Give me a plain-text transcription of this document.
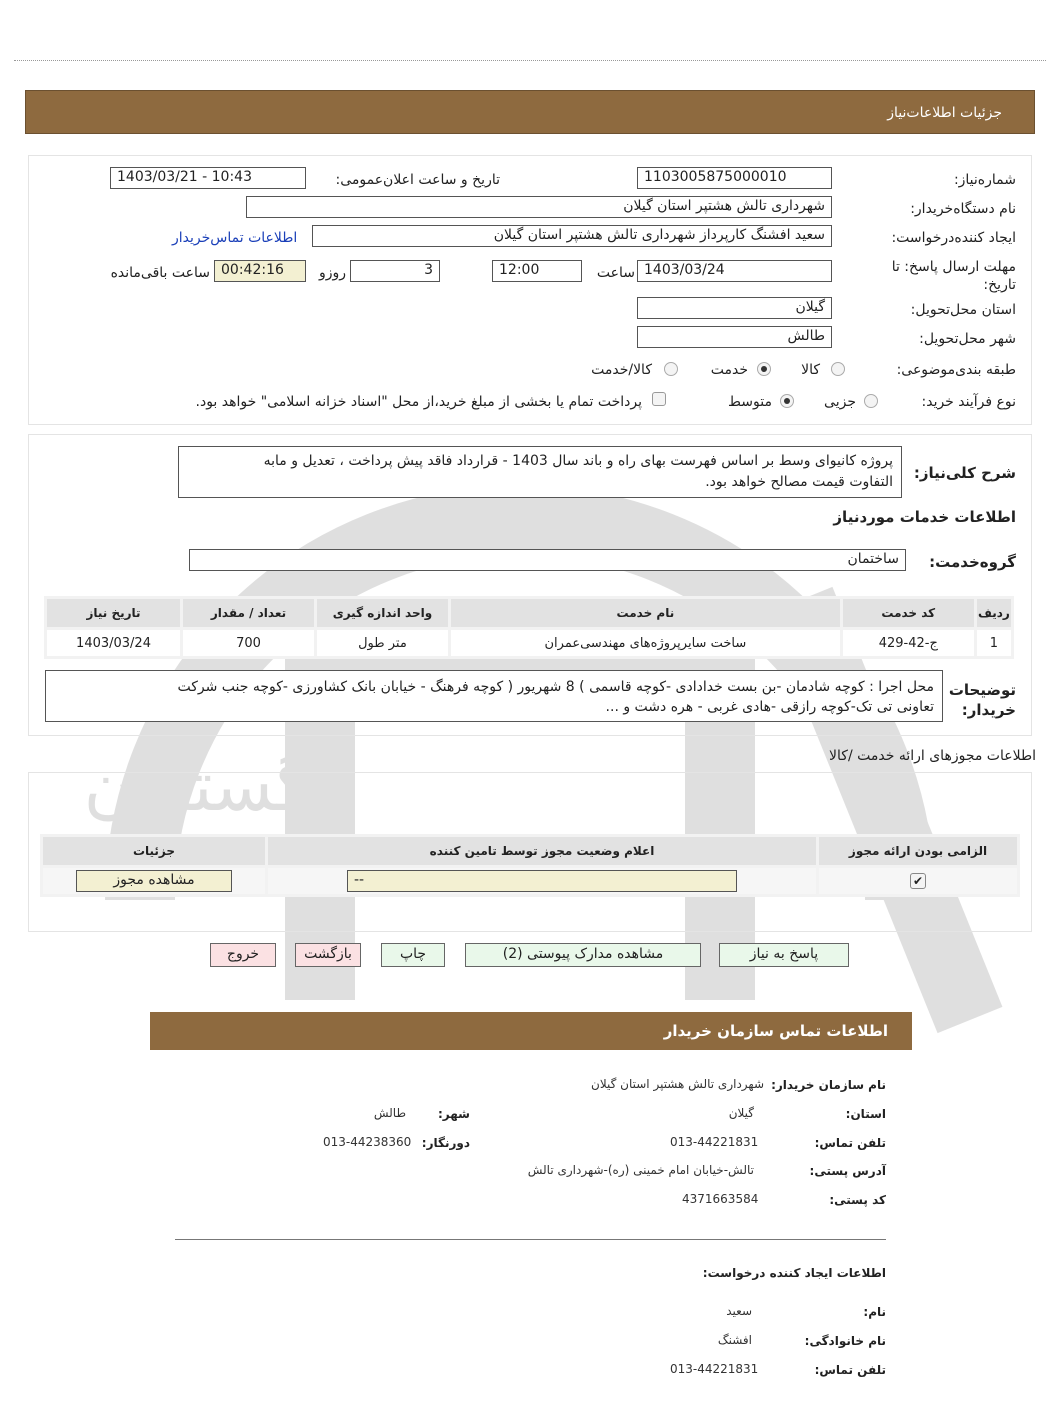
گستران
جزئیات اطلاعات‌نیاز
شماره‌نیاز:
1103005875000010
تاریخ و ساعت اعلان‌عمومی:
1403/03/21 - 10:43
نام دستگاه‌خریدار:
شهرداری تالش هشتپر استان گیلان
ایجاد کننده‌درخواست:
سعید افشنگ کارپرداز شهرداری تالش هشتپر استان گیلان
اطلاعات تماس‌خریدار
مهلت ارسال پاسخ: تا تاریخ:
1403/03/24
ساعت
12:00
3
روزو
00:42:16
ساعت باقی‌مانده
استان محل‌تحویل:
گیلان
شهر محل‌تحویل:
طالش
طبقه بندی‌موضوعی:
کالا
خدمت
کالا/خدمت
نوع فرآیند خرید:
جزیی
متوسط
پرداخت تمام یا بخشی از مبلغ خرید،از محل "اسناد خزانه اسلامی" خواهد بود.
شرح کلی‌نیاز:
پروژه کانیوای وسط بر اساس فهرست بهای راه و باند سال 1403 - قرارداد فاقد پیش پرداخت ، تعدیل و مابه
التفاوت قیمت مصالح خواهد بود.
اطلاعات خدمات موردنیاز
گروه‌خدمت:
ساختمان
ردیف	کد خدمت	نام خدمت	واحد اندازه گیری	تعداد / مقدار	تاریخ نیاز
1	ج-42-429	ساخت سایرپروژه‌های مهندسی‌عمران	متر طول	700	1403/03/24
توضیحات خریدار:
محل اجرا : کوچه شادمان -بن بست خدادادی -کوچه قاسمی ) 8 شهریور ( کوچه فرهنگ - خیابان بانک کشاورزی -کوچه جنب شرکت
تعاونی تی تک-کوچه رازقی -هادی غربی - هره دشت و ...
اطلاعات مجوزهای ارائه خدمت /کالا
الزامی بودن ارائه مجوز	اعلام وضعیت مجوز توسط تامین کننده	جزئیات
✔	--	مشاهده مجوز
پاسخ به نیاز
مشاهده مدارک پیوستی (2)
چاپ
بازگشت
خروج
اطلاعات تماس سازمان خریدار
نام سازمان خریدار:
شهرداری تالش هشتپر استان گیلان
استان:
گیلان
شهر:
طالش
تلفن تماس:
013-44221831
دورنگار:
013-44238360
آدرس پستی:
تالش-خیابان امام خمینی (ره)-شهرداری تالش
کد پستی:
4371663584
اطلاعات ایجاد کننده درخواست:
نام:
سعید
نام خانوادگی:
افشنگ
تلفن تماس:
013-44221831
